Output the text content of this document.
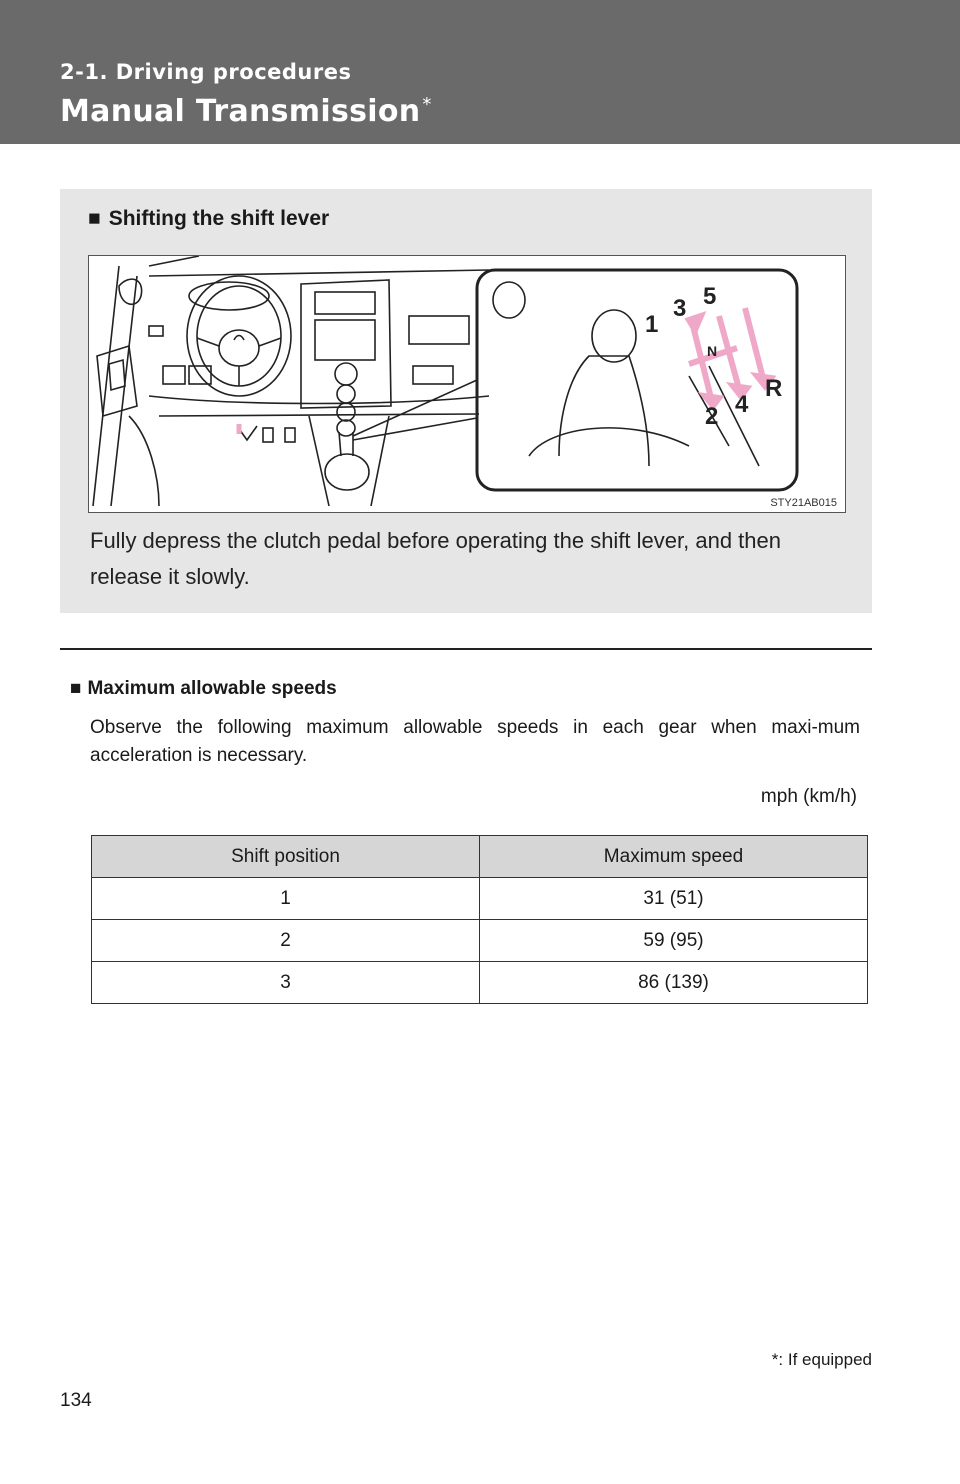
2-1. Driving procedures
Manual Transmission *
■ Shifting the shift lever
1
3 5
N
2 4
R
STY21AB015
Fully depress the clutch pedal before operating the shift lever, and then release it slowly.
■ Maximum allowable speeds
Observe the following maximum allowable speeds in each gear when maxi-mum acceleration is necessary.
mph (km/h)
Shift position	Maximum speed
1	31 (51)
2	59 (95)
3	86 (139)
*: If equipped
134
